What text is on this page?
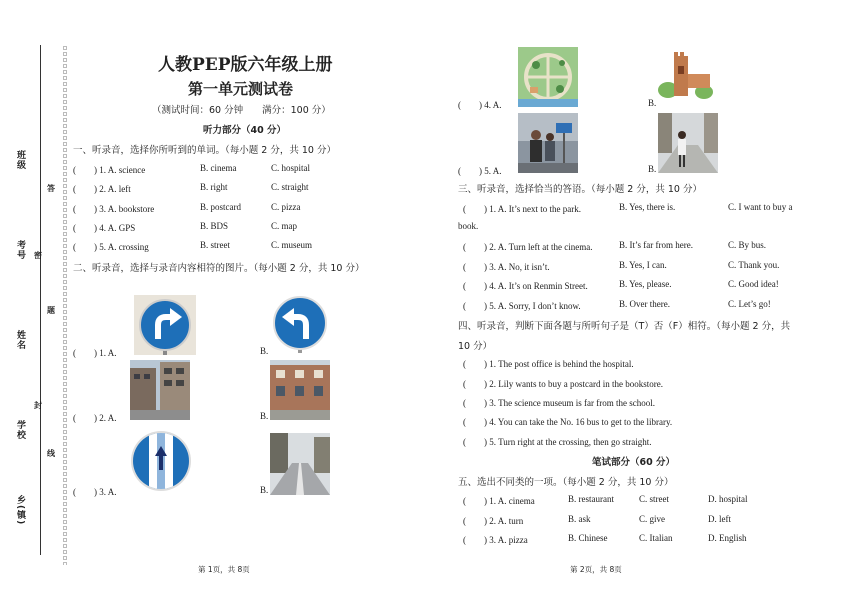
班级
考号
姓名
学校
乡(镇)
答
密
题
封
线
人教PEP版六年级上册
第一单元测试卷
（测试时间：60 分钟　　满分：100 分）
听力部分（40 分）
一、听录音，选择你所听到的单词。（每小题 2 分，共 10 分）
(　　) 1. A. science	B. cinema	C. hospital
(　　) 2. A. left	B. right	C. straight
(　　) 3. A. bookstore	B. postcard	C. pizza
(　　) 4. A. GPS	B. BDS	C. map
(　　) 5. A. crossing	B. street	C. museum
二、听录音，选择与录音内容相符的图片。（每小题 2 分，共 10 分）
(　　) 1. A.	B.
(　　) 2. A.	B.
(　　) 3. A.	B.
第 1页，共 8页
(　　) 4. A.	B.
(　　) 5. A.	B.
三、听录音，选择恰当的答语。（每小题 2 分，共 10 分）
(　　) 1. A. It’s next to the park.	B. Yes, there is.	C. I want to buy a
book.
(　　) 2. A. Turn left at the cinema.	B. It’s far from here.	C. By bus.
(　　) 3. A. No, it isn’t.	B. Yes, I can.	C. Thank you.
(　　) 4. A. It’s on Renmin Street.	B. Yes, please.	C. Good idea!
(　　) 5. A. Sorry, I don’t know.	B. Over there.	C. Let’s go!
四、听录音，判断下面各题与所听句子是（T）否（F）相符。（每小题 2 分，共
10 分）
(　　) 1. The post office is behind the hospital.
(　　) 2. Lily wants to buy a postcard in the bookstore.
(　　) 3. The science museum is far from the school.
(　　) 4. You can take the No. 16 bus to get to the library.
(　　) 5. Turn right at the crossing, then go straight.
笔试部分（60 分）
五、选出不同类的一项。（每小题 2 分，共 10 分）
(　　) 1. A. cinema	B. restaurant	C. street	D. hospital
(　　) 2. A. turn	B. ask	C. give	D. left
(　　) 3. A. pizza	B. Chinese	C. Italian	D. English
第 2页，共 8页
